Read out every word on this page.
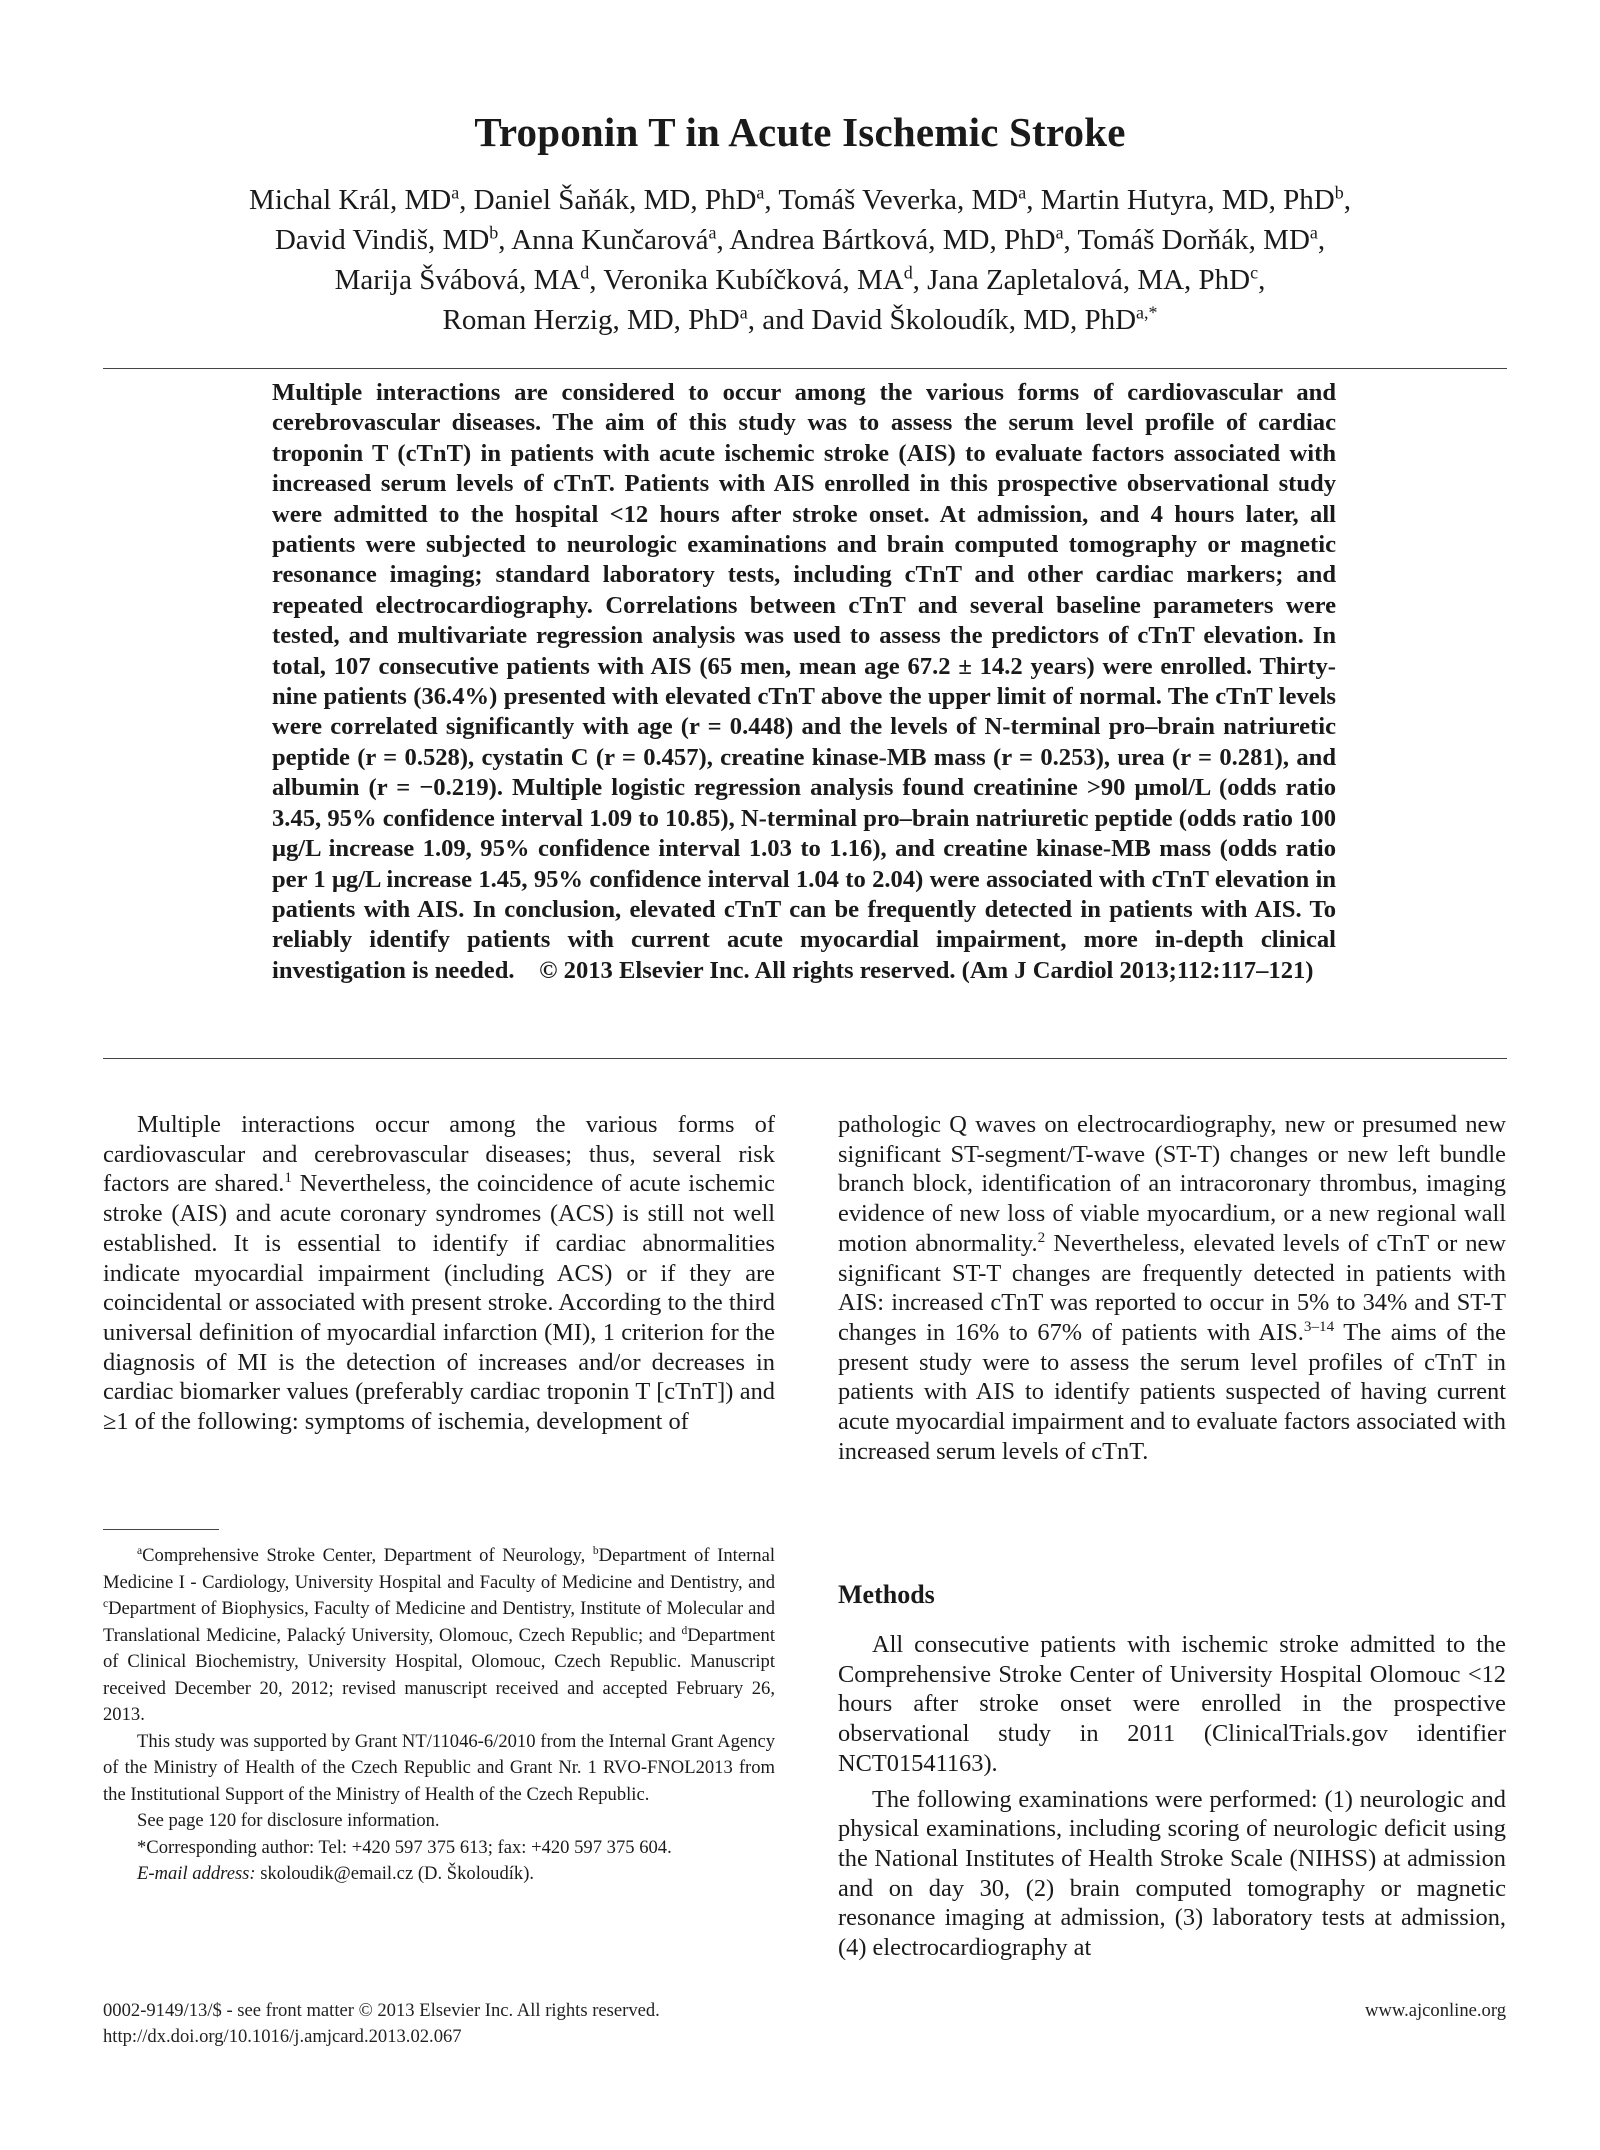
Troponin T in Acute Ischemic Stroke
Michal Král, $MD^a$, Daniel Šaňák, MD, PhD$^a$, Tomáš Veverka, $MD^a$, Martin Hutyra, MD, PhD$^b$,
David Vindiš, $MD^b$, Anna Kunčarová$^a$, Andrea Bártková, MD, PhD$^a$, Tomáš Dorňák, $MD^a$,
Marija Švábová, $MA^d$, Veronika Kubíčková, $MA^d$, Jana Zapletalová, MA, PhD$^c$,
Roman Herzig, MD, PhD$^a$, and David Školoudík, MD, PhD$^{a,*}$
Multiple interactions are considered to occur among the various forms of cardiovascular and cerebrovascular diseases. The aim of this study was to assess the serum level profile of cardiac troponin T (cTnT) in patients with acute ischemic stroke (AIS) to evaluate factors associated with increased serum levels of cTnT. Patients with AIS enrolled in this prospective observational study were admitted to the hospital <12 hours after stroke onset. At admission, and 4 hours later, all patients were subjected to neurologic examinations and brain computed tomography or magnetic resonance imaging; standard laboratory tests, including cTnT and other cardiac markers; and repeated electrocardiography. Correlations between cTnT and several baseline parameters were tested, and multivariate regression analysis was used to assess the predictors of cTnT elevation. In total, 107 consecutive patients with AIS (65 men, mean age 67.2 ± 14.2 years) were enrolled. Thirty-nine patients (36.4%) presented with elevated cTnT above the upper limit of normal. The cTnT levels were correlated significantly with age (r = 0.448) and the levels of N-terminal pro–brain natriuretic peptide (r = 0.528), cystatin C (r = 0.457), creatine kinase-MB mass (r = 0.253), urea (r = 0.281), and albumin (r = −0.219). Multiple logistic regression analysis found creatinine >90 μmol/L (odds ratio 3.45, 95% confidence interval 1.09 to 10.85), N-terminal pro–brain natriuretic peptide (odds ratio 100 μg/L increase 1.09, 95% confidence interval 1.03 to 1.16), and creatine kinase-MB mass (odds ratio per 1 μg/L increase 1.45, 95% confidence interval 1.04 to 2.04) were associated with cTnT elevation in patients with AIS. In conclusion, elevated cTnT can be frequently detected in patients with AIS. To reliably identify patients with current acute myocardial impairment, more in-depth clinical investigation is needed. © 2013 Elsevier Inc. All rights reserved. (Am J Cardiol 2013;112:117–121)

Multiple interactions occur among the various forms of cardiovascular and cerebrovascular diseases; thus, several risk factors are shared.$^1$ Nevertheless, the coincidence of acute ischemic stroke (AIS) and acute coronary syndromes (ACS) is still not well established. It is essential to identify if cardiac abnormalities indicate myocardial impairment (including ACS) or if they are coincidental or associated with present stroke. According to the third universal definition of myocardial infarction (MI), 1 criterion for the diagnosis of MI is the detection of increases and/or decreases in cardiac biomarker values (preferably cardiac troponin T [cTnT]) and ≥1 of the following: symptoms of ischemia, development of

pathologic Q waves on electrocardiography, new or presumed new significant ST-segment/T-wave (ST-T) changes or new left bundle branch block, identification of an intracoronary thrombus, imaging evidence of new loss of viable myocardium, or a new regional wall motion abnormality.$^2$ Nevertheless, elevated levels of cTnT or new significant ST-T changes are frequently detected in patients with AIS: increased cTnT was reported to occur in 5% to 34% and ST-T changes in 16% to 67% of patients with AIS.$^{3-14}$ The aims of the present study were to assess the serum level profiles of cTnT in patients with AIS to identify patients suspected of having current acute myocardial impairment and to evaluate factors associated with increased serum levels of cTnT.

Methods

All consecutive patients with ischemic stroke admitted to the Comprehensive Stroke Center of University Hospital Olomouc <12 hours after stroke onset were enrolled in the prospective observational study in 2011 (ClinicalTrials.gov identifier NCT01541163).

The following examinations were performed: (1) neurologic and physical examinations, including scoring of neurologic deficit using the National Institutes of Health Stroke Scale (NIHSS) at admission and on day 30, (2) brain computed tomography or magnetic resonance imaging at admission, (3) laboratory tests at admission, (4) electrocardiography at

$^a$Comprehensive Stroke Center, Department of Neurology, $^b$Department of Internal Medicine I - Cardiology, University Hospital and Faculty of Medicine and Dentistry, and $^c$Department of Biophysics, Faculty of Medicine and Dentistry, Institute of Molecular and Translational Medicine, Palacký University, Olomouc, Czech Republic; and $^d$Department of Clinical Biochemistry, University Hospital, Olomouc, Czech Republic. Manuscript received December 20, 2012; revised manuscript received and accepted February 26, 2013.

This study was supported by Grant NT/11046-6/2010 from the Internal Grant Agency of the Ministry of Health of the Czech Republic and Grant Nr. 1 RVO-FNOL2013 from the Institutional Support of the Ministry of Health of the Czech Republic.

See page 120 for disclosure information.

*Corresponding author: Tel: +420 597 375 613; fax: +420 597 375 604.

E-mail address: skoloudik@email.cz (D. Školoudík).

0002-9149/13/$ - see front matter © 2013 Elsevier Inc. All rights reserved.
http://dx.doi.org/10.1016/j.amjcard.2013.02.067
www.ajconline.org
